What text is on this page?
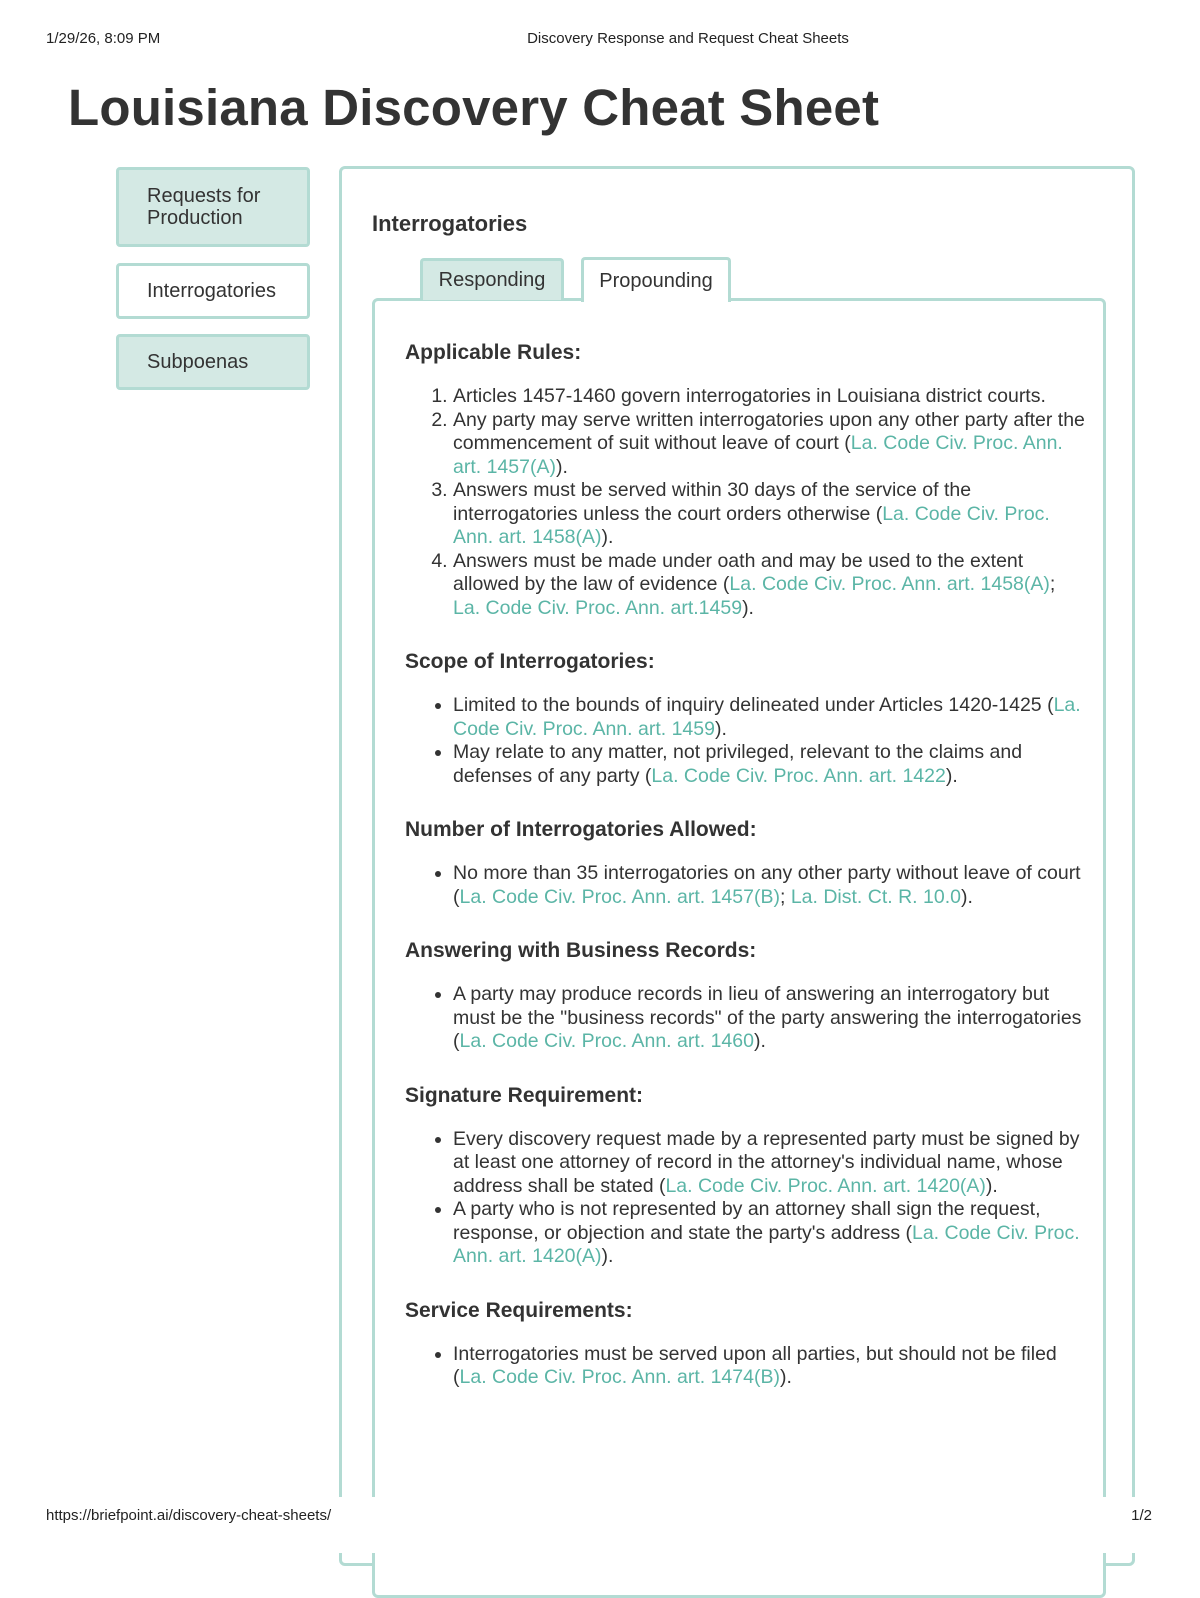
1/29/26, 8:09 PM	Discovery Response and Request Cheat Sheets
Louisiana Discovery Cheat Sheet
Requests for Production
Interrogatories
Subpoenas
Interrogatories
Responding	Propounding
Applicable Rules:
1. Articles 1457-1460 govern interrogatories in Louisiana district courts.
2. Any party may serve written interrogatories upon any other party after the commencement of suit without leave of court (La. Code Civ. Proc. Ann. art. 1457(A)).
3. Answers must be served within 30 days of the service of the interrogatories unless the court orders otherwise (La. Code Civ. Proc. Ann. art. 1458(A)).
4. Answers must be made under oath and may be used to the extent allowed by the law of evidence (La. Code Civ. Proc. Ann. art. 1458(A); La. Code Civ. Proc. Ann. art.1459).
Scope of Interrogatories:
• Limited to the bounds of inquiry delineated under Articles 1420-1425 (La. Code Civ. Proc. Ann. art. 1459).
• May relate to any matter, not privileged, relevant to the claims and defenses of any party (La. Code Civ. Proc. Ann. art. 1422).
Number of Interrogatories Allowed:
• No more than 35 interrogatories on any other party without leave of court (La. Code Civ. Proc. Ann. art. 1457(B); La. Dist. Ct. R. 10.0).
Answering with Business Records:
• A party may produce records in lieu of answering an interrogatory but must be the "business records" of the party answering the interrogatories (La. Code Civ. Proc. Ann. art. 1460).
Signature Requirement:
• Every discovery request made by a represented party must be signed by at least one attorney of record in the attorney's individual name, whose address shall be stated (La. Code Civ. Proc. Ann. art. 1420(A)).
• A party who is not represented by an attorney shall sign the request, response, or objection and state the party's address (La. Code Civ. Proc. Ann. art. 1420(A)).
Service Requirements:
• Interrogatories must be served upon all parties, but should not be filed (La. Code Civ. Proc. Ann. art. 1474(B)).
https://briefpoint.ai/discovery-cheat-sheets/	1/2
